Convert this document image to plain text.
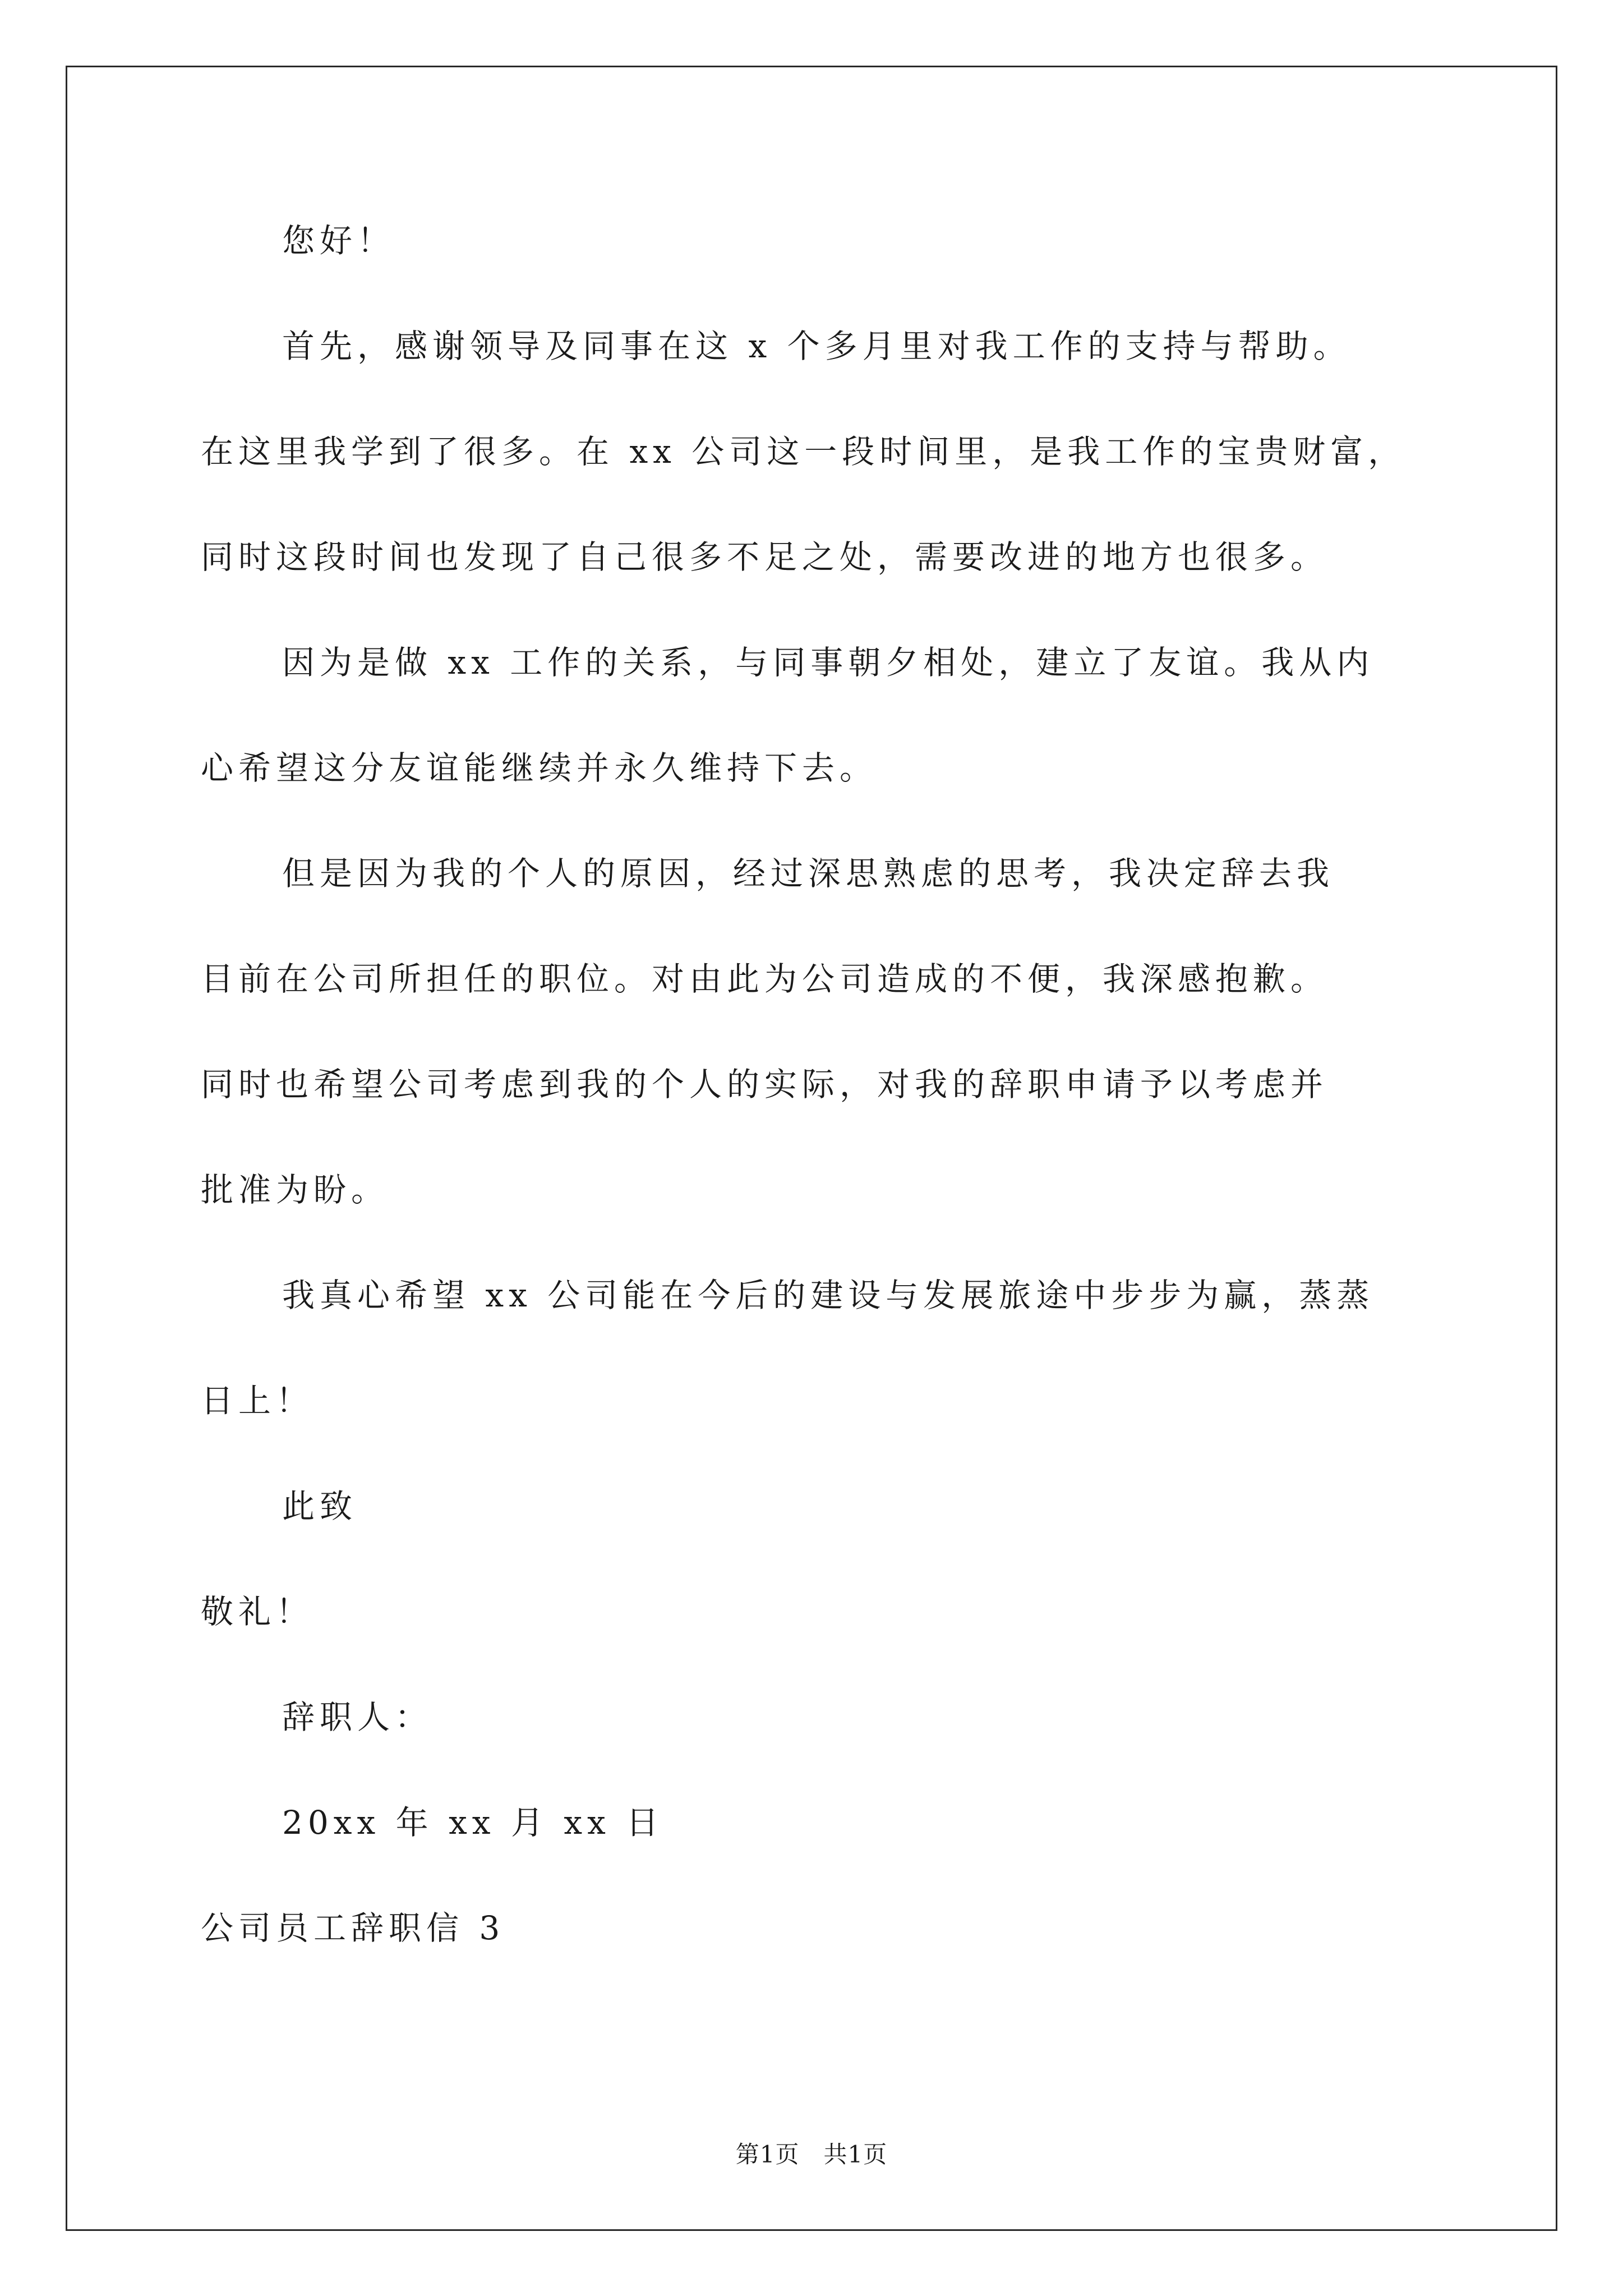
您好！
首先，感谢领导及同事在这 x 个多月里对我工作的支持与帮助。
在这里我学到了很多。在 xx 公司这一段时间里，是我工作的宝贵财富，
同时这段时间也发现了自己很多不足之处，需要改进的地方也很多。
因为是做 xx 工作的关系，与同事朝夕相处，建立了友谊。我从内
心希望这分友谊能继续并永久维持下去。
但是因为我的个人的原因，经过深思熟虑的思考，我决定辞去我
目前在公司所担任的职位。对由此为公司造成的不便，我深感抱歉。
同时也希望公司考虑到我的个人的实际，对我的辞职申请予以考虑并
批准为盼。
我真心希望 xx 公司能在今后的建设与发展旅途中步步为赢，蒸蒸
日上！
此致
敬礼！
辞职人：
20xx 年 xx 月 xx 日
公司员工辞职信 3
第1页   共1页
